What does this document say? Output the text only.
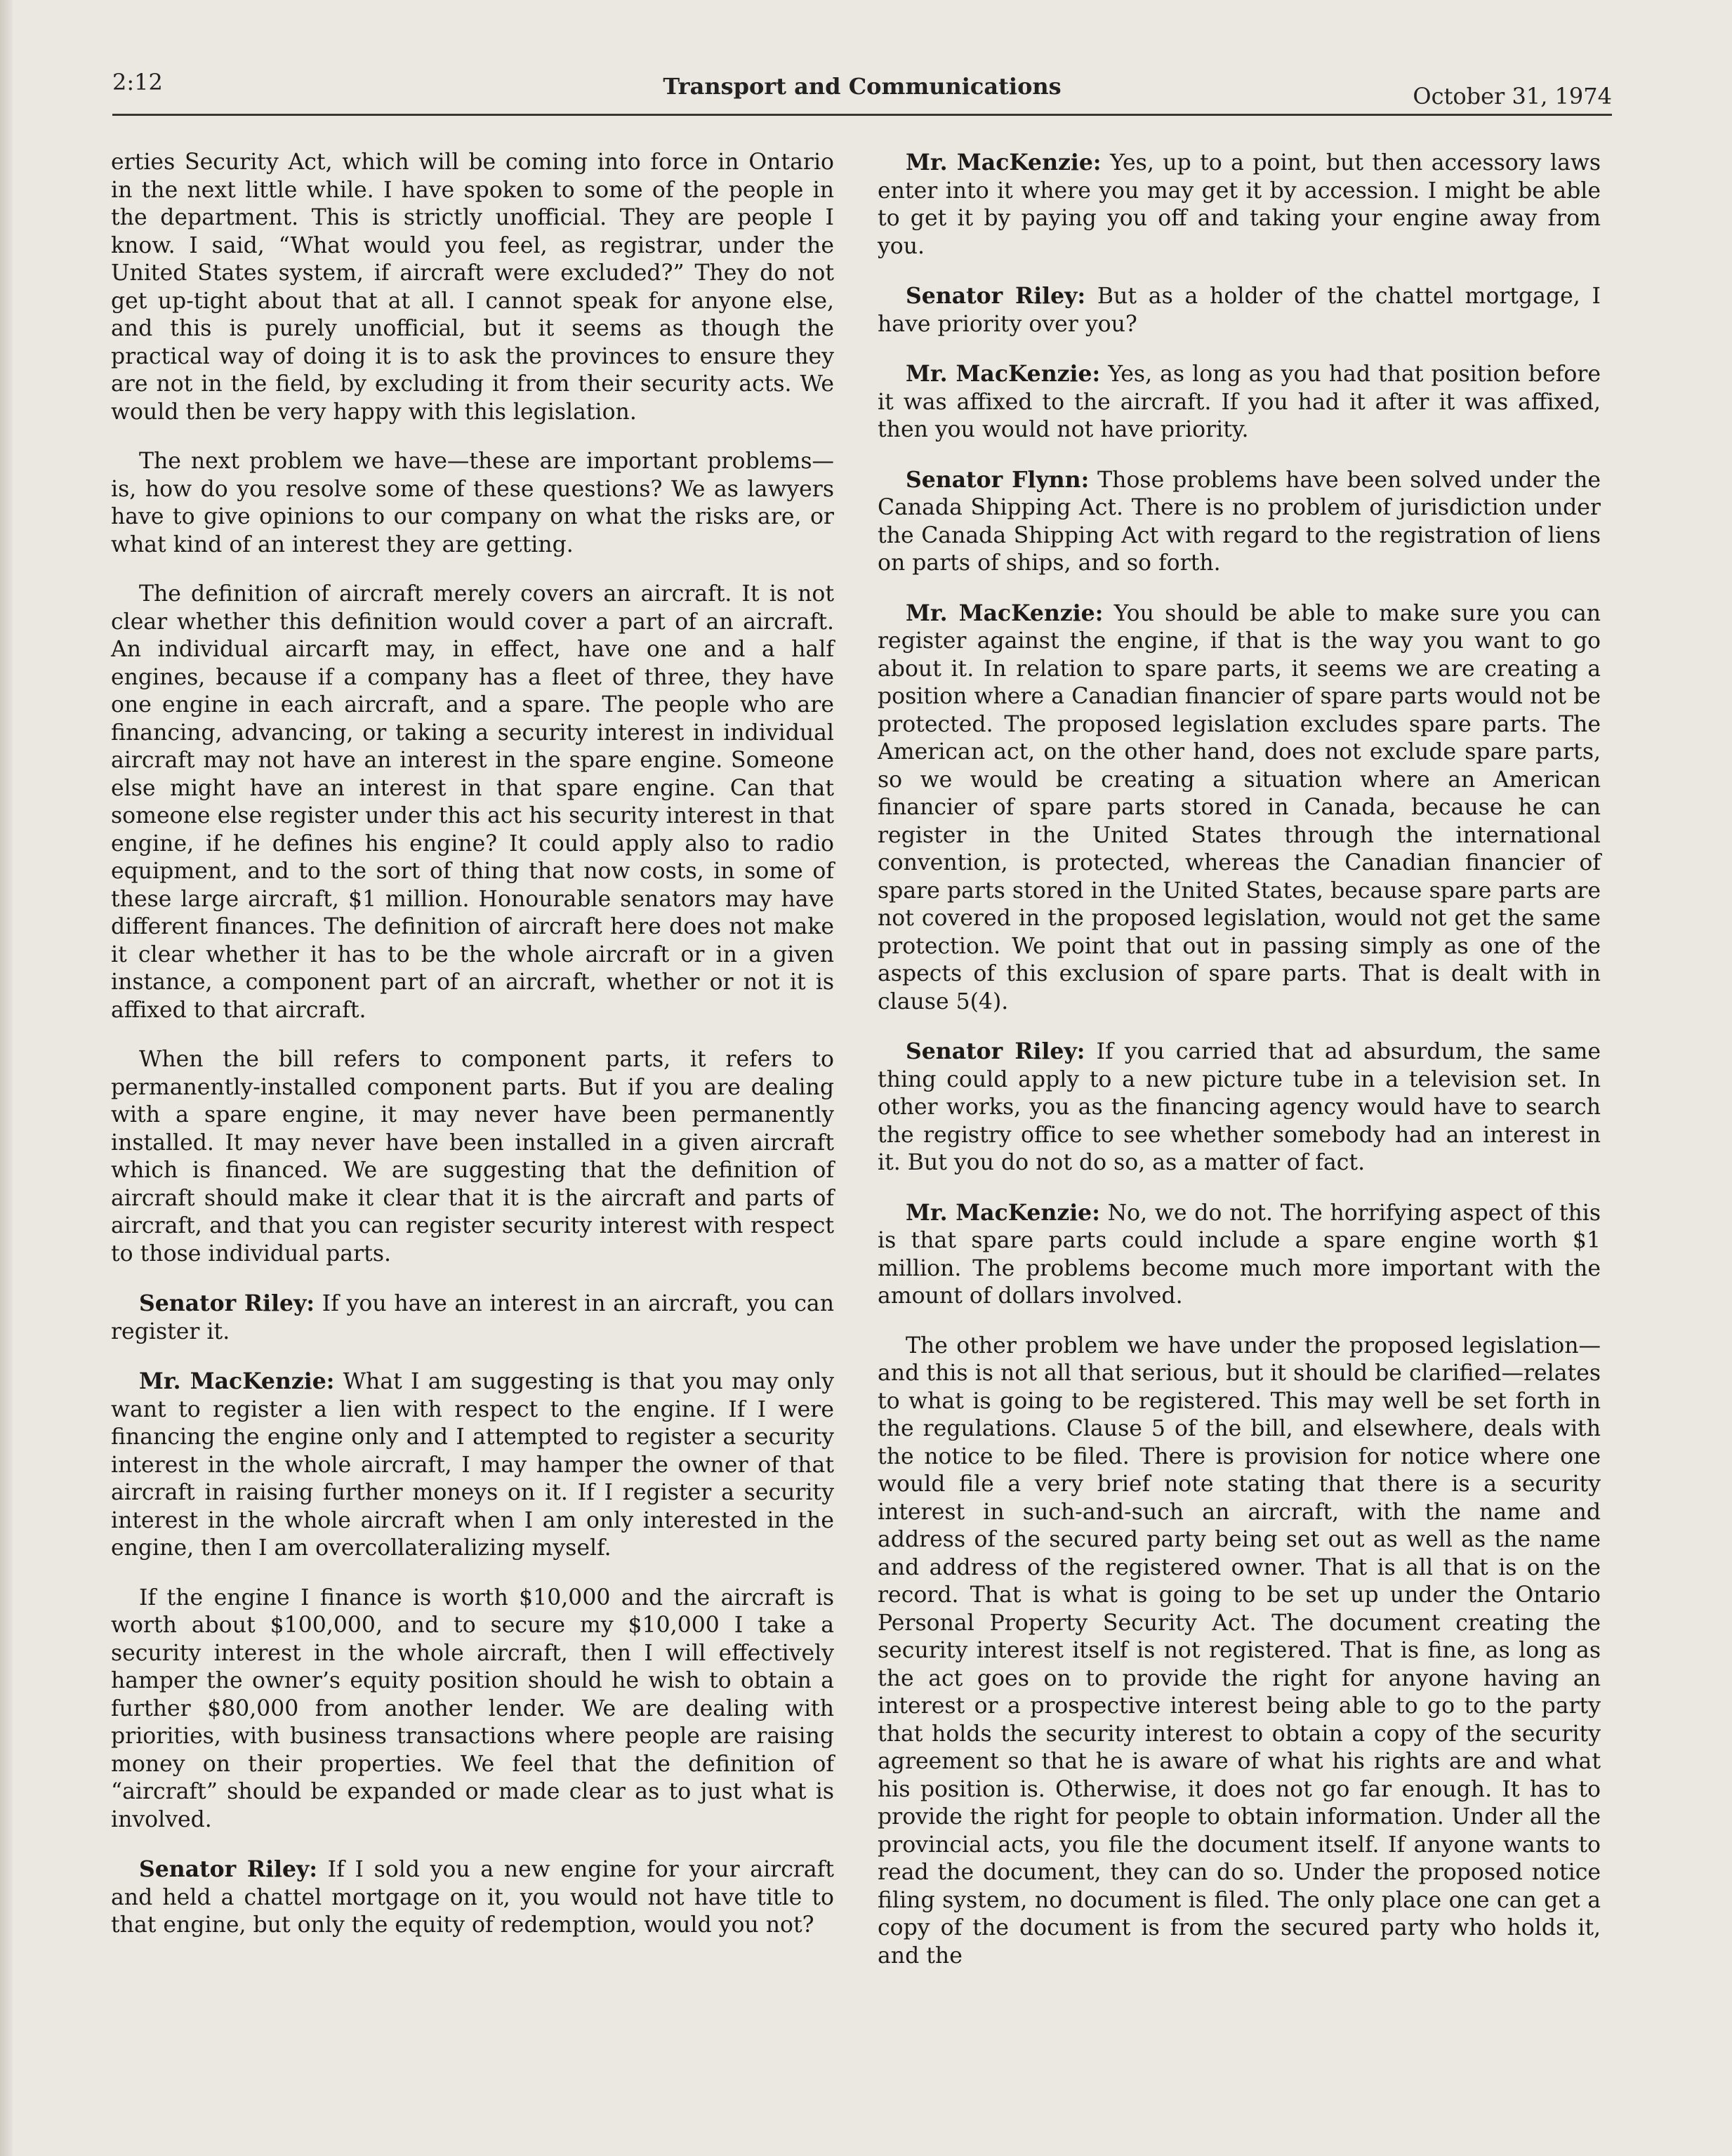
2:12	Transport and Communications	October 31, 1974

erties Security Act, which will be coming into force in Ontario in the next little while. I have spoken to some of the people in the department. This is strictly unofficial. They are people I know. I said, “What would you feel, as registrar, under the United States system, if aircraft were excluded?” They do not get up-tight about that at all. I cannot speak for anyone else, and this is purely unofficial, but it seems as though the practical way of doing it is to ask the provinces to ensure they are not in the field, by excluding it from their security acts. We would then be very happy with this legislation.

The next problem we have—these are important problems—is, how do you resolve some of these questions? We as lawyers have to give opinions to our company on what the risks are, or what kind of an interest they are getting.

The definition of aircraft merely covers an aircraft. It is not clear whether this definition would cover a part of an aircraft. An individual aircarft may, in effect, have one and a half engines, because if a company has a fleet of three, they have one engine in each aircraft, and a spare. The people who are financing, advancing, or taking a security interest in individual aircraft may not have an interest in the spare engine. Someone else might have an interest in that spare engine. Can that someone else register under this act his security interest in that engine, if he defines his engine? It could apply also to radio equipment, and to the sort of thing that now costs, in some of these large aircraft, $1 million. Honourable senators may have different finances. The definition of aircraft here does not make it clear whether it has to be the whole aircraft or in a given instance, a component part of an aircraft, whether or not it is affixed to that aircraft.

When the bill refers to component parts, it refers to permanently-installed component parts. But if you are dealing with a spare engine, it may never have been permanently installed. It may never have been installed in a given aircraft which is financed. We are suggesting that the definition of aircraft should make it clear that it is the aircraft and parts of aircraft, and that you can register security interest with respect to those individual parts.

Senator Riley: If you have an interest in an aircraft, you can register it.

Mr. MacKenzie: What I am suggesting is that you may only want to register a lien with respect to the engine. If I were financing the engine only and I attempted to register a security interest in the whole aircraft, I may hamper the owner of that aircraft in raising further moneys on it. If I register a security interest in the whole aircraft when I am only interested in the engine, then I am overcollateralizing myself.

If the engine I finance is worth $10,000 and the aircraft is worth about $100,000, and to secure my $10,000 I take a security interest in the whole aircraft, then I will effectively hamper the owner’s equity position should he wish to obtain a further $80,000 from another lender. We are dealing with priorities, with business transactions where people are raising money on their properties. We feel that the definition of “aircraft” should be expanded or made clear as to just what is involved.

Senator Riley: If I sold you a new engine for your aircraft and held a chattel mortgage on it, you would not have title to that engine, but only the equity of redemption, would you not?

Mr. MacKenzie: Yes, up to a point, but then accessory laws enter into it where you may get it by accession. I might be able to get it by paying you off and taking your engine away from you.

Senator Riley: But as a holder of the chattel mortgage, I have priority over you?

Mr. MacKenzie: Yes, as long as you had that position before it was affixed to the aircraft. If you had it after it was affixed, then you would not have priority.

Senator Flynn: Those problems have been solved under the Canada Shipping Act. There is no problem of jurisdiction under the Canada Shipping Act with regard to the registration of liens on parts of ships, and so forth.

Mr. MacKenzie: You should be able to make sure you can register against the engine, if that is the way you want to go about it. In relation to spare parts, it seems we are creating a position where a Canadian financier of spare parts would not be protected. The proposed legislation excludes spare parts. The American act, on the other hand, does not exclude spare parts, so we would be creating a situation where an American financier of spare parts stored in Canada, because he can register in the United States through the international convention, is protected, whereas the Canadian financier of spare parts stored in the United States, because spare parts are not covered in the proposed legislation, would not get the same protection. We point that out in passing simply as one of the aspects of this exclusion of spare parts. That is dealt with in clause 5(4).

Senator Riley: If you carried that ad absurdum, the same thing could apply to a new picture tube in a television set. In other works, you as the financing agency would have to search the registry office to see whether somebody had an interest in it. But you do not do so, as a matter of fact.

Mr. MacKenzie: No, we do not. The horrifying aspect of this is that spare parts could include a spare engine worth $1 million. The problems become much more important with the amount of dollars involved.

The other problem we have under the proposed legislation—and this is not all that serious, but it should be clarified—relates to what is going to be registered. This may well be set forth in the regulations. Clause 5 of the bill, and elsewhere, deals with the notice to be filed. There is provision for notice where one would file a very brief note stating that there is a security interest in such-and-such an aircraft, with the name and address of the secured party being set out as well as the name and address of the registered owner. That is all that is on the record. That is what is going to be set up under the Ontario Personal Property Security Act. The document creating the security interest itself is not registered. That is fine, as long as the act goes on to provide the right for anyone having an interest or a prospective interest being able to go to the party that holds the security interest to obtain a copy of the security agreement so that he is aware of what his rights are and what his position is. Otherwise, it does not go far enough. It has to provide the right for people to obtain information. Under all the provincial acts, you file the document itself. If anyone wants to read the document, they can do so. Under the proposed notice filing system, no document is filed. The only place one can get a copy of the document is from the secured party who holds it, and the
